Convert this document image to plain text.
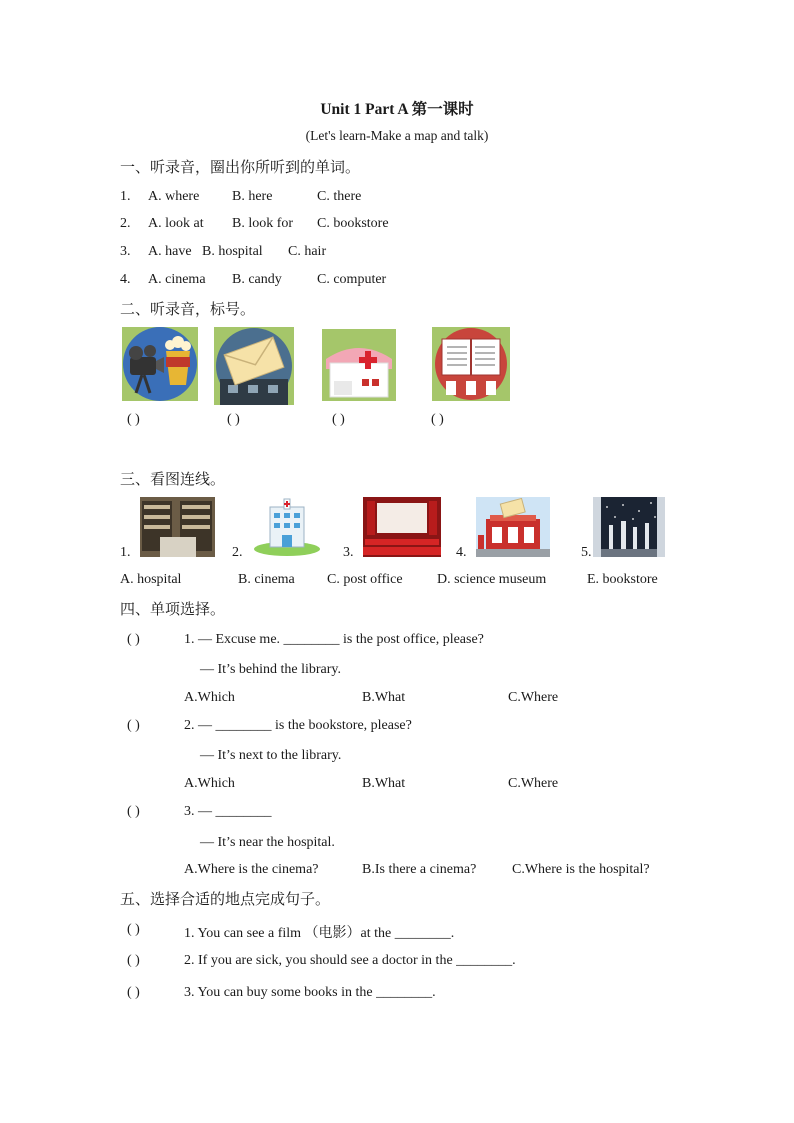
Unit 1 Part A 第一课时
(Let's learn-Make a map and talk)
一、听录音，圈出你所听到的单词。
1. A. where B. here	C. there
2. A. look at B. look for C. bookstore
3. A. have B. hospital C. hair
4. A. cinema B. candy	C. computer
二、听录音，标号。
( )	( )	( )	( )
三、看图连线。
1.	2.	3.	4.	5.
A. hospital	B. cinema C. post office D. science museum	E. bookstore
四、单项选择。
( )	1. — Excuse me. ________ is the post office, please?
— It’s behind the library.
A.Which	B.What	C.Where
( )	2. — ________ is the bookstore, please?
— It’s next to the library.
A.Which	B.What	C.Where
( )	3. — ________
— It’s near the hospital.
A.Where is the cinema?	B.Is there a cinema?	C.Where is the hospital?
五、选择合适的地点完成句子。
( )	1. You can see a film （电影）at the ________.
( )	2. If you are sick, you should see a doctor in the ________.
( )	3. You can buy some books in the ________.
